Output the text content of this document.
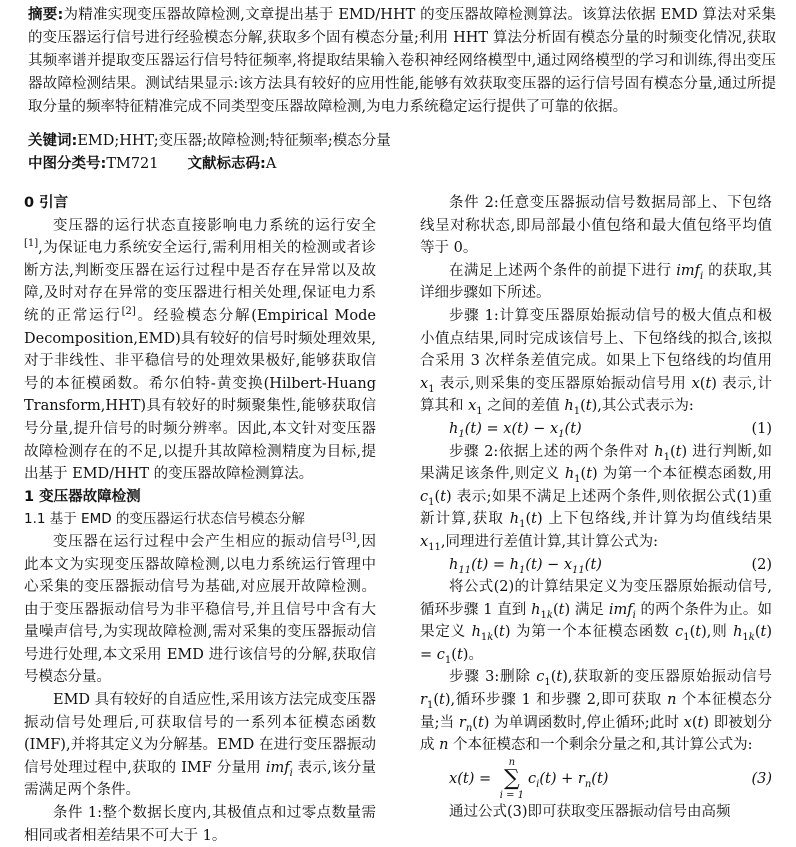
摘要:为精准实现变压器故障检测,文章提出基于 EMD/HHT 的变压器故障检测算法。该算法依据 EMD 算法对采集的变压器运行信号进行经验模态分解,获取多个固有模态分量;利用 HHT 算法分析固有模态分量的时频变化情况,获取其频率谱并提取变压器运行信号特征频率,将提取结果输入卷积神经网络模型中,通过网络模型的学习和训练,得出变压器故障检测结果。测试结果显示:该方法具有较好的应用性能,能够有效获取变压器的运行信号固有模态分量,通过所提取分量的频率特征精准完成不同类型变压器故障检测,为电力系统稳定运行提供了可靠的依据。

关键词:EMD;HHT;变压器;故障检测;特征频率;模态分量

中图分类号:TM721   文献标志码:A

0 引言

变压器的运行状态直接影响电力系统的运行安全[1],为保证电力系统安全运行,需利用相关的检测或者诊断方法,判断变压器在运行过程中是否存在异常以及故障,及时对存在异常的变压器进行相关处理,保证电力系统的正常运行[2]。经验模态分解(Empirical Mode Decomposition,EMD)具有较好的信号时频处理效果,对于非线性、非平稳信号的处理效果极好,能够获取信号的本征模函数。希尔伯特-黄变换(Hilbert-Huang Transform,HHT)具有较好的时频聚集性,能够获取信号分量,提升信号的时频分辨率。因此,本文针对变压器故障检测存在的不足,以提升其故障检测精度为目标,提出基于 EMD/HHT 的变压器故障检测算法。

1 变压器故障检测

1.1 基于 EMD 的变压器运行状态信号模态分解

变压器在运行过程中会产生相应的振动信号[3],因此本文为实现变压器故障检测,以电力系统运行管理中心采集的变压器振动信号为基础,对应展开故障检测。由于变压器振动信号为非平稳信号,并且信号中含有大量噪声信号,为实现故障检测,需对采集的变压器振动信号进行处理,本文采用 EMD 进行该信号的分解,获取信号模态分量。

EMD 具有较好的自适应性,采用该方法完成变压器振动信号处理后,可获取信号的一系列本征模态函数(IMF),并将其定义为分解基。EMD 在进行变压器振动信号处理过程中,获取的 IMF 分量用 imf$_i$ 表示,该分量需满足两个条件。

条件 1:整个数据长度内,其极值点和过零点数量需相同或者相差结果不可大于 1。

条件 2:任意变压器振动信号数据局部上、下包络线呈对称状态,即局部最小值包络和最大值包络平均值等于 0。

在满足上述两个条件的前提下进行 imf$_i$ 的获取,其详细步骤如下所述。

步骤 1:计算变压器原始振动信号的极大值点和极小值点结果,同时完成该信号上、下包络线的拟合,该拟合采用 3 次样条差值完成。如果上下包络线的均值用 $x_1$ 表示,则采集的变压器原始振动信号用 x(t) 表示,计算其和 $x_1$ 之间的差值 $h_1(t)$,其公式表示为:

$h_1(t) = x(t) - x_1(t)$	(1)

步骤 2:依据上述的两个条件对 $h_1(t)$ 进行判断,如果满足该条件,则定义 $h_1(t)$ 为第一个本征模态函数,用 $c_1(t)$ 表示;如果不满足上述两个条件,则依据公式(1)重新计算,获取 $h_1(t)$ 上下包络线,并计算为均值线结果 $x_{11}$,同理进行差值计算,其计算公式为:

$h_{11}(t) = h_1(t) - x_{11}(t)$	(2)

将公式(2)的计算结果定义为变压器原始振动信号,循环步骤 1 直到 $h_{1k}(t)$ 满足 imf$_i$ 的两个条件为止。如果定义 $h_{1k}(t)$ 为第一个本征模态函数 $c_1(t)$,则 $h_{1k}(t) = c_1(t)$。

步骤 3:删除 $c_1(t)$,获取新的变压器原始振动信号 $r_1(t)$,循环步骤 1 和步骤 2,即可获取 n 个本征模态分量;当 $r_n(t)$ 为单调函数时,停止循环;此时 x(t) 即被划分成 n 个本征模态和一个剩余分量之和,其计算公式为:

x(t) =
n
∑
i = 1
$c_i(t) + r_n(t)$	(3)

通过公式(3)即可获取变压器振动信号由高频
